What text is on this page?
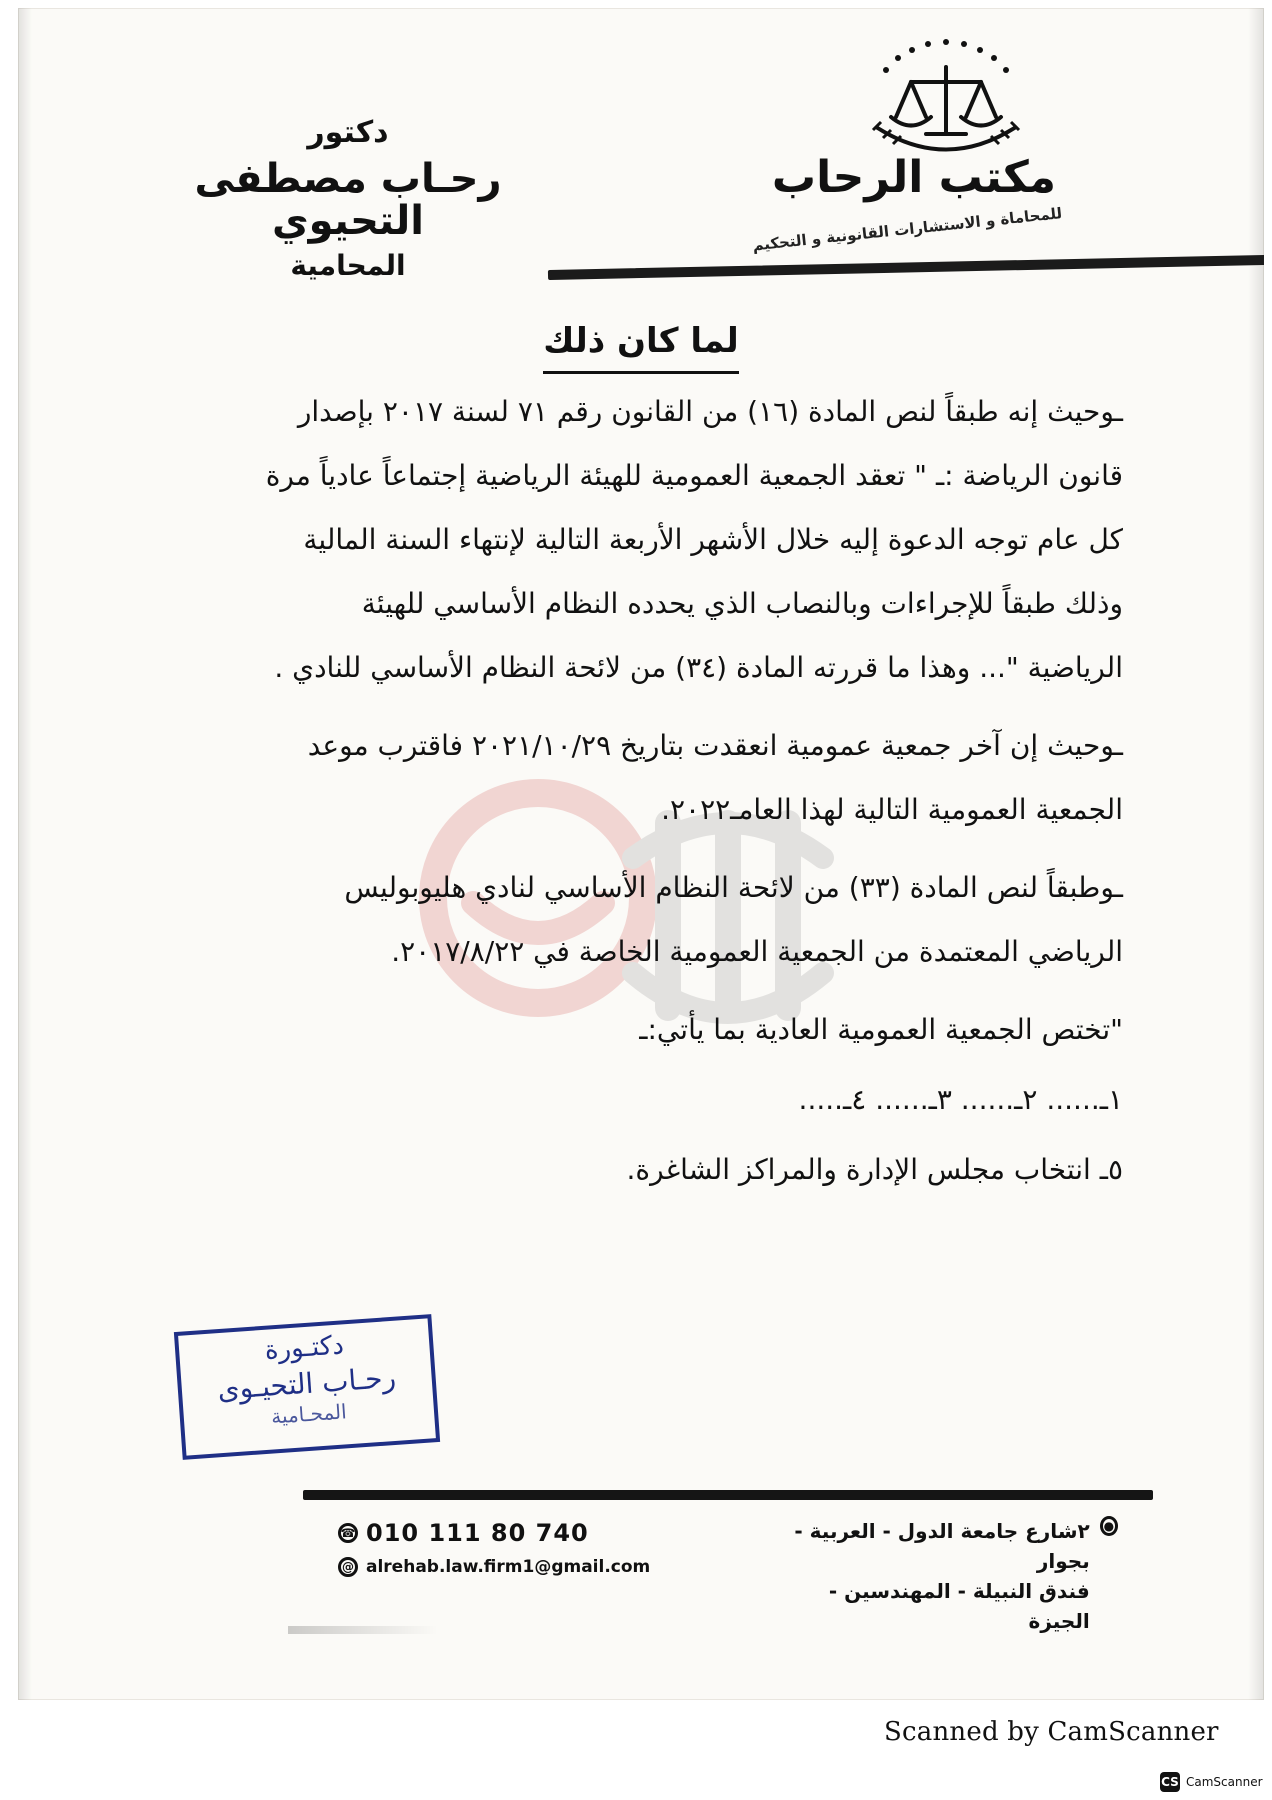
مكتب الرحاب
للمحاماة و الاستشارات القانونية و التحكيم
دكتور
رحـاب مصطفى التحيوي
المحامية
لما كان ذلك

ـوحيث إنه طبقاً لنص المادة (١٦) من القانون رقم ٧١ لسنة ٢٠١٧ بإصدار قانون الرياضة :ـ " تعقد الجمعية العمومية للهيئة الرياضية إجتماعاً عادياً مرة كل عام توجه الدعوة إليه خلال الأشهر الأربعة التالية لإنتهاء السنة المالية وذلك طبقاً للإجراءات وبالنصاب الذي يحدده النظام الأساسي للهيئة الرياضية "... وهذا ما قررته المادة (٣٤) من لائحة النظام الأساسي للنادي .

ـوحيث إن آخر جمعية عمومية انعقدت بتاريخ ٢٠٢١/١٠/٢٩ فاقترب موعد الجمعية العمومية التالية لهذا العامـ٢٠٢٢.

ـوطبقاً لنص المادة (٣٣) من لائحة النظام الأساسي لنادي هليوبوليس الرياضي المعتمدة من الجمعية العمومية الخاصة في ٢٠١٧/٨/٢٢.

"تختص الجمعية العمومية العادية بما يأتي:ـ

١ـ...... ٢ـ...... ٣ـ...... ٤ـ.....

٥ـ انتخاب مجلس الإدارة والمراكز الشاغرة.

دكتـورة
رحـاب التحيـوى
المحـامية
☎ 010 111 80 740
@ alrehab.law.firm1@gmail.com
●
٢شارع جامعة الدول - العربية - بجوار
فندق النبيلة - المهندسين - الجيزة
Scanned by CamScanner
CS CamScanner
